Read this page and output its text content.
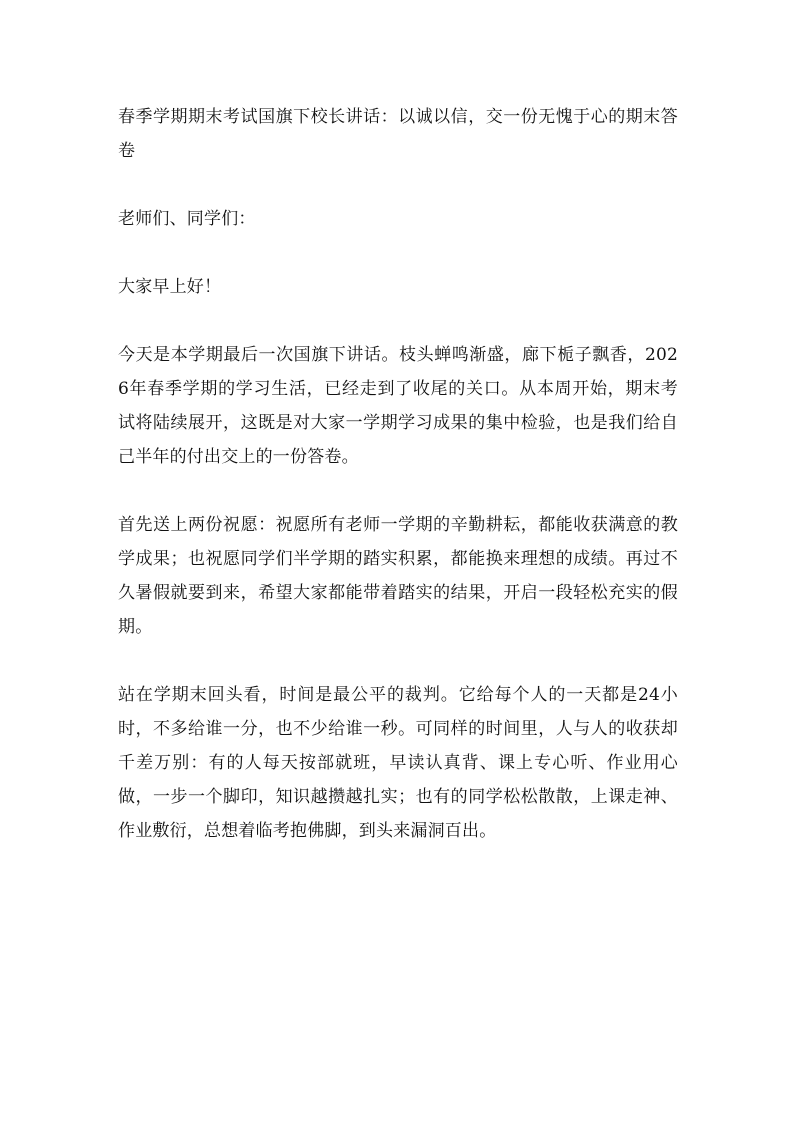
春季学期期末考试国旗下校长讲话：以诚以信，交一份无愧于心的期末答卷

老师们、同学们：

大家早上好！

今天是本学期最后一次国旗下讲话。枝头蝉鸣渐盛，廊下栀子飘香，2026年春季学期的学习生活，已经走到了收尾的关口。从本周开始，期末考试将陆续展开，这既是对大家一学期学习成果的集中检验，也是我们给自己半年的付出交上的一份答卷。

首先送上两份祝愿：祝愿所有老师一学期的辛勤耕耘，都能收获满意的教学成果；也祝愿同学们半学期的踏实积累，都能换来理想的成绩。再过不久暑假就要到来，希望大家都能带着踏实的结果，开启一段轻松充实的假期。

站在学期末回头看，时间是最公平的裁判。它给每个人的一天都是24小时，不多给谁一分，也不少给谁一秒。可同样的时间里，人与人的收获却千差万别：有的人每天按部就班，早读认真背、课上专心听、作业用心做，一步一个脚印，知识越攒越扎实；也有的同学松松散散，上课走神、作业敷衍，总想着临考抱佛脚，到头来漏洞百出。
